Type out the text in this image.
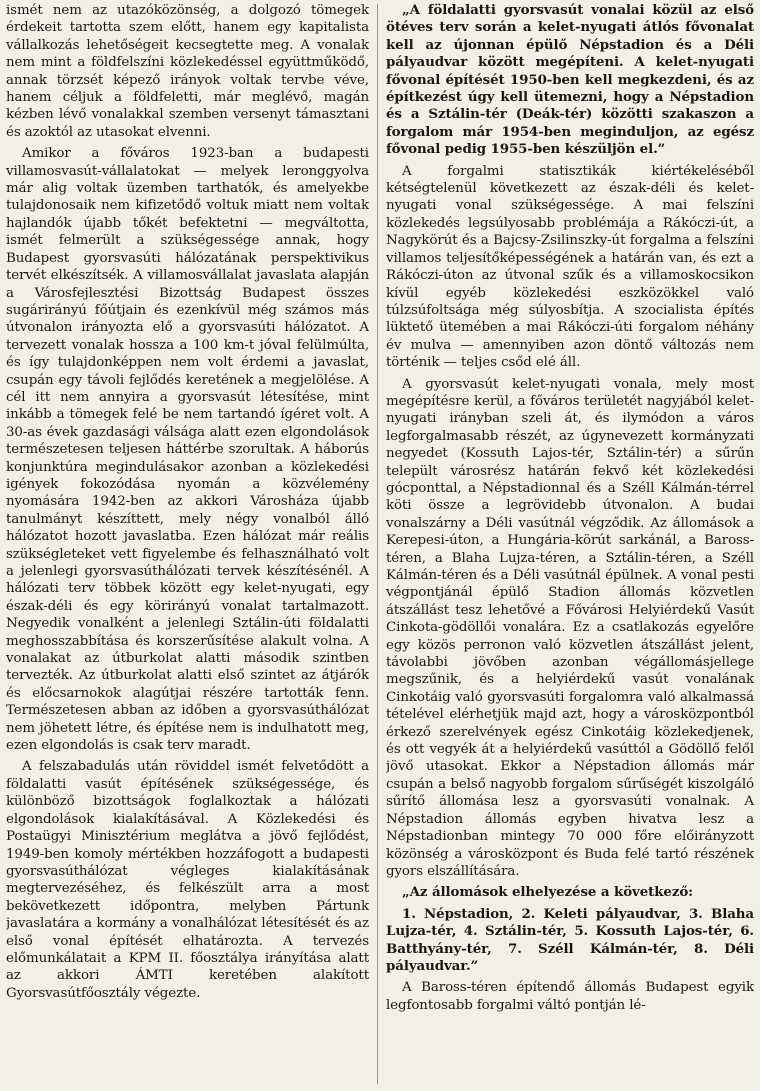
ismét nem az utazóközönség, a dolgozó tömegek érdekeit tartotta szem előtt, hanem egy kapitalista vállalkozás lehetőségeit kecsegtette meg. A vonalak nem mint a földfelszíni közlekedéssel együttműködő, annak törzsét képező irányok voltak tervbe véve, hanem céljuk a földfeletti, már meglévő, magán kézben lévő vonalakkal szemben versenyt támasztani és azoktól az utasokat elvenni.

Amikor a főváros 1923-ban a budapesti villamosvasút-vállalatokat — melyek leronggyolva már alig voltak üzemben tarthatók, és amelyekbe tulajdonosaik nem kifizetődő voltuk miatt nem voltak hajlandók újabb tőkét befektetni — megváltotta, ismét felmerült a szükségessége annak, hogy Budapest gyorsvasúti hálózatának perspektivikus tervét elkészítsék. A villamosvállalat javaslata alapján a Városfejlesztési Bizottság Budapest összes sugárirányú főútjain és ezenkívül még számos más útvonalon irányozta elő a gyorsvasúti hálózatot. A tervezett vonalak hossza a 100 km-t jóval felülmúlta, és így tulajdonképpen nem volt érdemi a javaslat, csupán egy távoli fejlődés keretének a megjelölése. A cél itt nem annyira a gyorsvasút létesítése, mint inkább a tömegek felé be nem tartandó ígéret volt. A 30-as évek gazdasági válsága alatt ezen elgondolások természetesen teljesen háttérbe szorultak. A háborús konjunktúra megindulásakor azonban a közlekedési igények fokozódása nyomán a közvélemény nyomására 1942-ben az akkori Városháza újabb tanulmányt készíttett, mely négy vonalból álló hálózatot hozott javaslatba. Ezen hálózat már reális szükségleteket vett figyelembe és felhasználható volt a jelenlegi gyorsvasúthálózati tervek készítésénél. A hálózati terv többek között egy kelet-nyugati, egy észak-déli és egy körirányú vonalat tartalmazott. Negyedik vonalként a jelenlegi Sztálin-úti földalatti meghosszabbítása és korszerűsítése alakult volna. A vonalakat az útburkolat alatti második szintben tervezték. Az útburkolat alatti első szintet az átjárók és előcsarnokok alagútjai részére tartották fenn. Természetesen abban az időben a gyorsvasúthálózat nem jöhetett létre, és építése nem is indulhatott meg, ezen elgondolás is csak terv maradt.

A felszabadulás után röviddel ismét felvetődött a földalatti vasút építésének szükségessége, és különböző bizottságok foglalkoztak a hálózati elgondolások kialakításával. A Közlekedési és Postaügyi Minisztérium meglátva a jövő fejlődést, 1949-ben komoly mértékben hozzáfogott a budapesti gyorsvasúthálózat végleges kialakításának megtervezéséhez, és felkészült arra a most bekövetkezett időpontra, melyben Pártunk javaslatára a kormány a vonalhálózat létesítését és az első vonal építését elhatározta. A tervezés előmunkálatait a KPM II. főosztálya irányítása alatt az akkori ÁMTI keretében alakított Gyorsvasútfőosztály végezte.

„A földalatti gyorsvasút vonalai közül az első ötéves terv során a kelet-nyugati átlós fővonalat kell az újonnan épülő Népstadion és a Déli pályaudvar között megépíteni. A kelet-nyugati fővonal építését 1950-ben kell megkezdeni, és az építkezést úgy kell ütemezni, hogy a Népstadion és a Sztálin-tér (Deák-tér) közötti szakaszon a forgalom már 1954-ben meginduljon, az egész fővonal pedig 1955-ben készüljön el.”

A forgalmi statisztikák kiértékeléséből kétségtelenül következett az észak-déli és kelet-nyugati vonal szükségessége. A mai felszíni közlekedés legsúlyosabb problémája a Rákóczi-út, a Nagykörút és a Bajcsy-Zsilinszky-út forgalma a felszíni villamos teljesítőképességének a határán van, és ezt a Rákóczi-úton az útvonal szűk és a villamoskocsikon kívül egyéb közlekedési eszközökkel való túlzsúfoltsága még súlyosbítja. A szocialista építés lüktető ütemében a mai Rákóczi-úti forgalom néhány év mulva — amennyiben azon döntő változás nem történik — teljes csőd elé áll.

A gyorsvasút kelet-nyugati vonala, mely most megépítésre kerül, a főváros területét nagyjából kelet-nyugati irányban szeli át, és ilymódon a város legforgalmasabb részét, az úgynevezett kormányzati negyedet (Kossuth Lajos-tér, Sztálin-tér) a sűrűn települt városrész határán fekvő két közlekedési gócponttal, a Népstadionnal és a Széll Kálmán-térrel köti össze a legrövidebb útvonalon. A budai vonalszárny a Déli vasútnál végződik. Az állomások a Kerepesi-úton, a Hungária-körút sarkánál, a Baross-téren, a Blaha Lujza-téren, a Sztálin-téren, a Széll Kálmán-téren és a Déli vasútnál épülnek. A vonal pesti végpontjánál épülő Stadion állomás közvetlen átszállást tesz lehetővé a Fővárosi Helyiérdekű Vasút Cinkota-gödöllői vonalára. Ez a csatlakozás egyelőre egy közös perronon való közvetlen átszállást jelent, távolabbi jövőben azonban végállomásjellege megszűnik, és a helyiérdekű vasút vonalának Cinkotáig való gyorsvasúti forgalomra való alkalmassá tételével elérhetjük majd azt, hogy a városközpontból érkező szerelvények egész Cinkotáig közlekedjenek, és ott vegyék át a helyiérdekű vasúttól a Gödöllő felől jövő utasokat. Ekkor a Népstadion állomás már csupán a belső nagyobb forgalom sűrűségét kiszolgáló sűrítő állomása lesz a gyorsvasúti vonalnak. A Népstadion állomás egyben hivatva lesz a Népstadionban mintegy 70 000 főre előirányzott közönség a városközpont és Buda felé tartó részének gyors elszállítására.

„Az állomások elhelyezése a következő:

1. Népstadion, 2. Keleti pályaudvar, 3. Blaha Lujza-tér, 4. Sztálin-tér, 5. Kossuth Lajos-tér, 6. Batthyány-tér, 7. Széll Kálmán-tér, 8. Déli pályaudvar.”

A Baross-téren építendő állomás Budapest egyik legfontosabb forgalmi váltó pontján lé-
